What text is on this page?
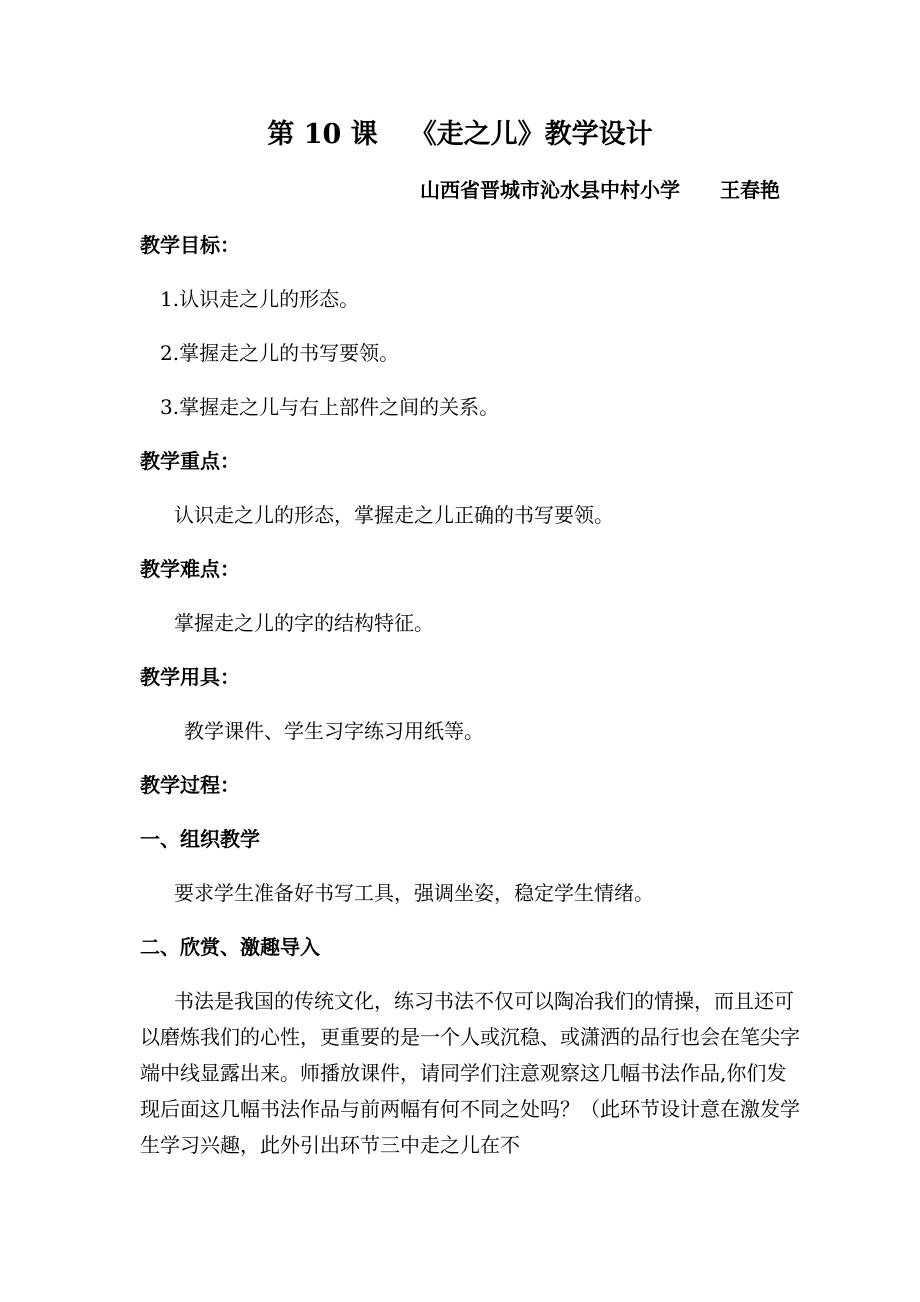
第 10 课 《走之儿》教学设计
山西省晋城市沁水县中村小学 王春艳
教学目标：
1.认识走之儿的形态。
2.掌握走之儿的书写要领。
3.掌握走之儿与右上部件之间的关系。
教学重点：
认识走之儿的形态，掌握走之儿正确的书写要领。
教学难点：
掌握走之儿的字的结构特征。
教学用具：
教学课件、学生习字练习用纸等。
教学过程：
一、组织教学
要求学生准备好书写工具，强调坐姿，稳定学生情绪。
二、欣赏、激趣导入

书法是我国的传统文化，练习书法不仅可以陶冶我们的情操，而且还可以磨炼我们的心性，更重要的是一个人或沉稳、或潇洒的品行也会在笔尖字端中线显露出来。师播放课件，请同学们注意观察这几幅书法作品,你们发现后面这几幅书法作品与前两幅有何不同之处吗？（此环节设计意在激发学生学习兴趣，此外引出环节三中走之儿在不
